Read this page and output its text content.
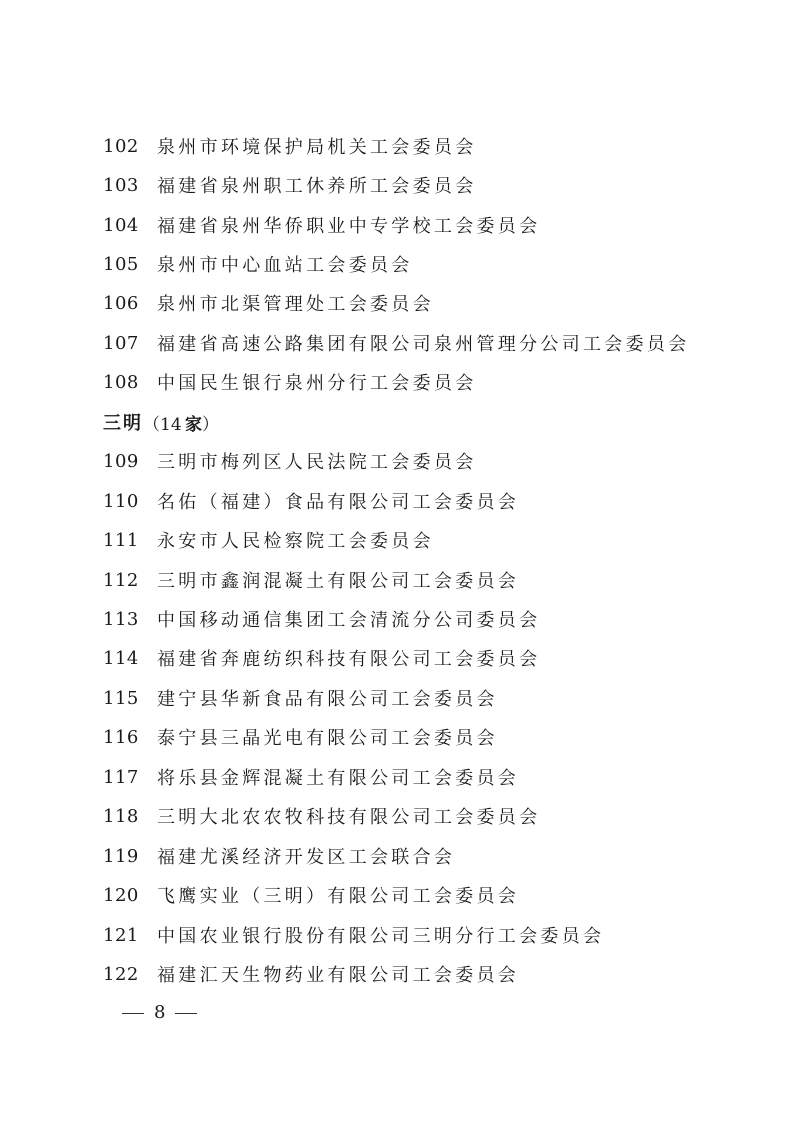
102	泉州市环境保护局机关工会委员会
103	福建省泉州职工休养所工会委员会
104	福建省泉州华侨职业中专学校工会委员会
105	泉州市中心血站工会委员会
106	泉州市北渠管理处工会委员会
107	福建省高速公路集团有限公司泉州管理分公司工会委员会
108	中国民生银行泉州分行工会委员会
三明 （14  家）
109	三明市梅列区人民法院工会委员会
110	名佑（福建）食品有限公司工会委员会
111	永安市人民检察院工会委员会
112	三明市鑫润混凝土有限公司工会委员会
113	中国移动通信集团工会清流分公司委员会
114	福建省奔鹿纺织科技有限公司工会委员会
115	建宁县华新食品有限公司工会委员会
116	泰宁县三晶光电有限公司工会委员会
117	将乐县金辉混凝土有限公司工会委员会
118	三明大北农农牧科技有限公司工会委员会
119	福建尤溪经济开发区工会联合会
120	飞鹰实业（三明）有限公司工会委员会
121	中国农业银行股份有限公司三明分行工会委员会
122	福建汇天生物药业有限公司工会委员会
8
